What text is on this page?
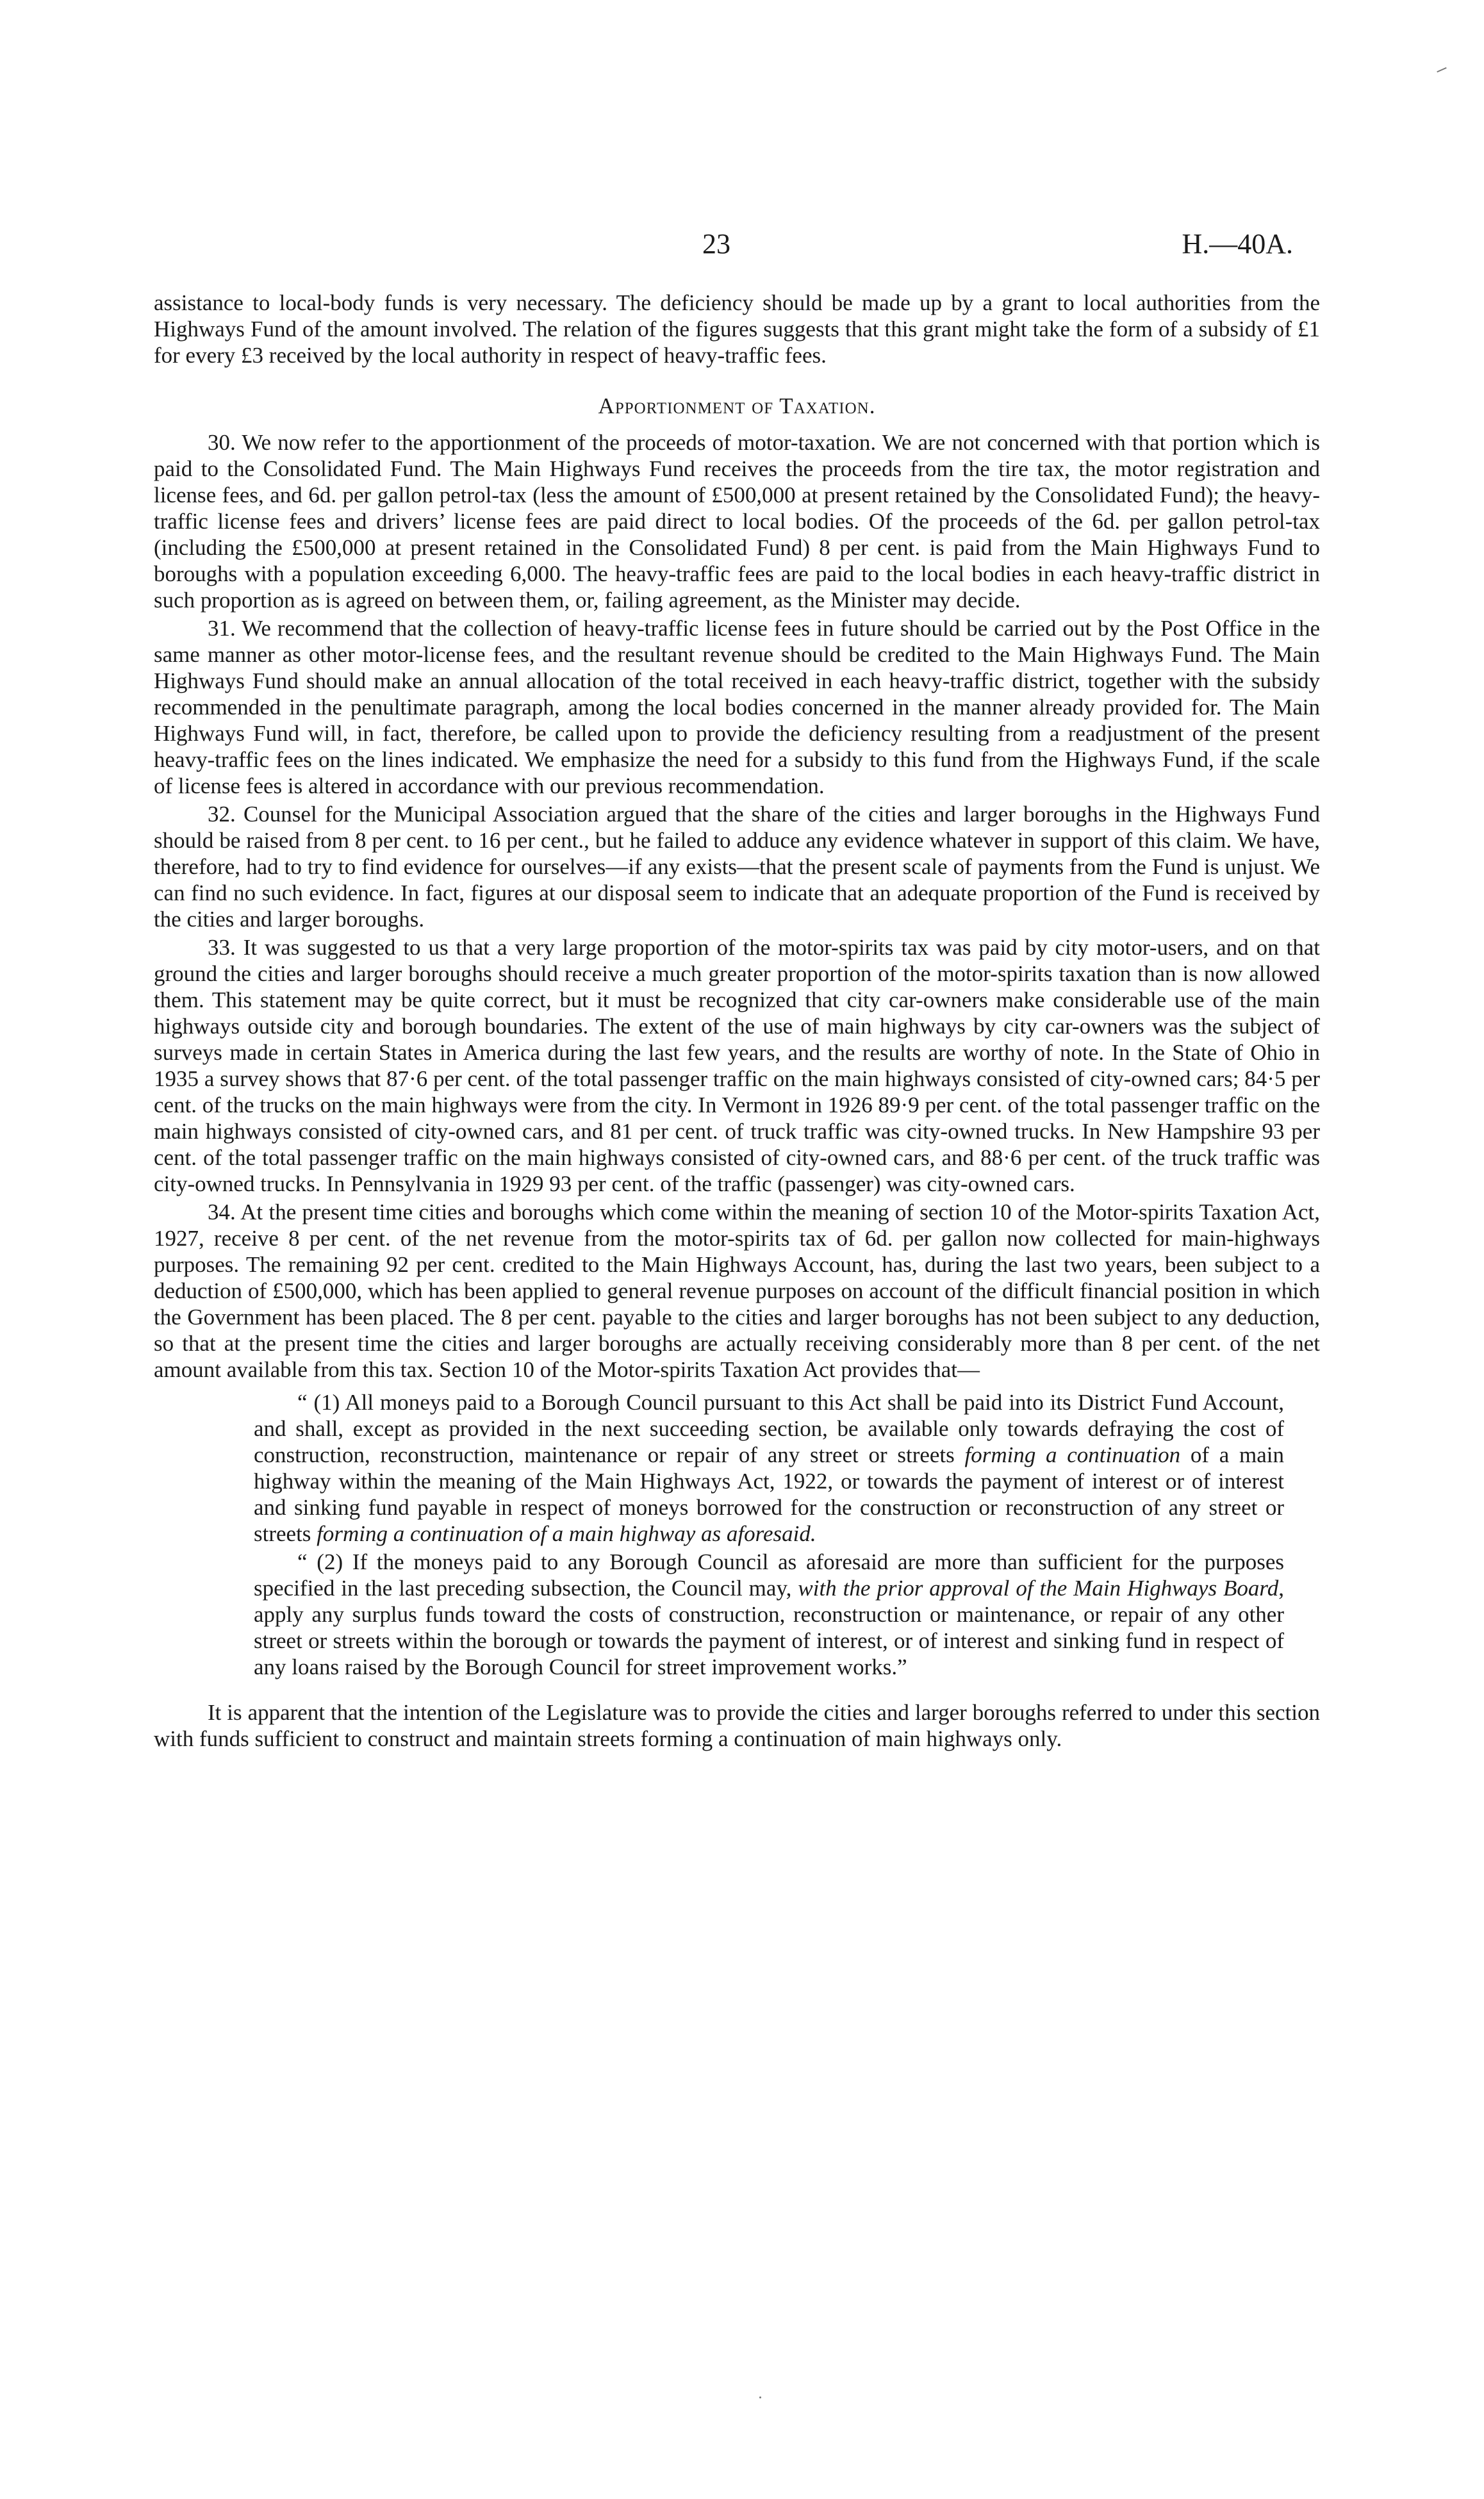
23	H.—40A.

assistance to local-body funds is very necessary. The deficiency should be made up by a grant to local authorities from the Highways Fund of the amount involved. The relation of the figures suggests that this grant might take the form of a subsidy of £1 for every £3 received by the local authority in respect of heavy-traffic fees.

Apportionment of Taxation.

30. We now refer to the apportionment of the proceeds of motor-taxation. We are not concerned with that portion which is paid to the Consolidated Fund. The Main Highways Fund receives the proceeds from the tire tax, the motor registration and license fees, and 6d. per gallon petrol-tax (less the amount of £500,000 at present retained by the Consolidated Fund); the heavy-traffic license fees and drivers’ license fees are paid direct to local bodies. Of the proceeds of the 6d. per gallon petrol-tax (including the £500,000 at present retained in the Consolidated Fund) 8 per cent. is paid from the Main Highways Fund to boroughs with a population exceeding 6,000. The heavy-traffic fees are paid to the local bodies in each heavy-traffic district in such proportion as is agreed on between them, or, failing agreement, as the Minister may decide.

31. We recommend that the collection of heavy-traffic license fees in future should be carried out by the Post Office in the same manner as other motor-license fees, and the resultant revenue should be credited to the Main Highways Fund. The Main Highways Fund should make an annual allocation of the total received in each heavy-traffic district, together with the subsidy recommended in the penultimate paragraph, among the local bodies concerned in the manner already provided for. The Main Highways Fund will, in fact, therefore, be called upon to provide the deficiency resulting from a readjustment of the present heavy-traffic fees on the lines indicated. We emphasize the need for a subsidy to this fund from the Highways Fund, if the scale of license fees is altered in accordance with our previous recommendation.

32. Counsel for the Municipal Association argued that the share of the cities and larger boroughs in the Highways Fund should be raised from 8 per cent. to 16 per cent., but he failed to adduce any evidence whatever in support of this claim. We have, therefore, had to try to find evidence for ourselves—if any exists—that the present scale of payments from the Fund is unjust. We can find no such evidence. In fact, figures at our disposal seem to indicate that an adequate proportion of the Fund is received by the cities and larger boroughs.

33. It was suggested to us that a very large proportion of the motor-spirits tax was paid by city motor-users, and on that ground the cities and larger boroughs should receive a much greater proportion of the motor-spirits taxation than is now allowed them. This statement may be quite correct, but it must be recognized that city car-owners make considerable use of the main highways outside city and borough boundaries. The extent of the use of main highways by city car-owners was the subject of surveys made in certain States in America during the last few years, and the results are worthy of note. In the State of Ohio in 1935 a survey shows that 87·6 per cent. of the total passenger traffic on the main highways consisted of city-owned cars; 84·5 per cent. of the trucks on the main highways were from the city. In Vermont in 1926 89·9 per cent. of the total passenger traffic on the main highways consisted of city-owned cars, and 81 per cent. of truck traffic was city-owned trucks. In New Hampshire 93 per cent. of the total passenger traffic on the main highways consisted of city-owned cars, and 88·6 per cent. of the truck traffic was city-owned trucks. In Pennsylvania in 1929 93 per cent. of the traffic (passenger) was city-owned cars.

34. At the present time cities and boroughs which come within the meaning of section 10 of the Motor-spirits Taxation Act, 1927, receive 8 per cent. of the net revenue from the motor-spirits tax of 6d. per gallon now collected for main-highways purposes. The remaining 92 per cent. credited to the Main Highways Account, has, during the last two years, been subject to a deduction of £500,000, which has been applied to general revenue purposes on account of the difficult financial position in which the Government has been placed. The 8 per cent. payable to the cities and larger boroughs has not been subject to any deduction, so that at the present time the cities and larger boroughs are actually receiving considerably more than 8 per cent. of the net amount available from this tax. Section 10 of the Motor-spirits Taxation Act provides that—

“ (1) All moneys paid to a Borough Council pursuant to this Act shall be paid into its District Fund Account, and shall, except as provided in the next succeeding section, be available only towards defraying the cost of construction, reconstruction, maintenance or repair of any street or streets forming a continuation of a main highway within the meaning of the Main Highways Act, 1922, or towards the payment of interest or of interest and sinking fund payable in respect of moneys borrowed for the construction or reconstruction of any street or streets forming a continuation of a main highway as aforesaid.

“ (2) If the moneys paid to any Borough Council as aforesaid are more than sufficient for the purposes specified in the last preceding subsection, the Council may, with the prior approval of the Main Highways Board, apply any surplus funds toward the costs of construction, reconstruction or maintenance, or repair of any other street or streets within the borough or towards the payment of interest, or of interest and sinking fund in respect of any loans raised by the Borough Council for street improvement works.”

It is apparent that the intention of the Legislature was to provide the cities and larger boroughs referred to under this section with funds sufficient to construct and maintain streets forming a continuation of main highways only.
